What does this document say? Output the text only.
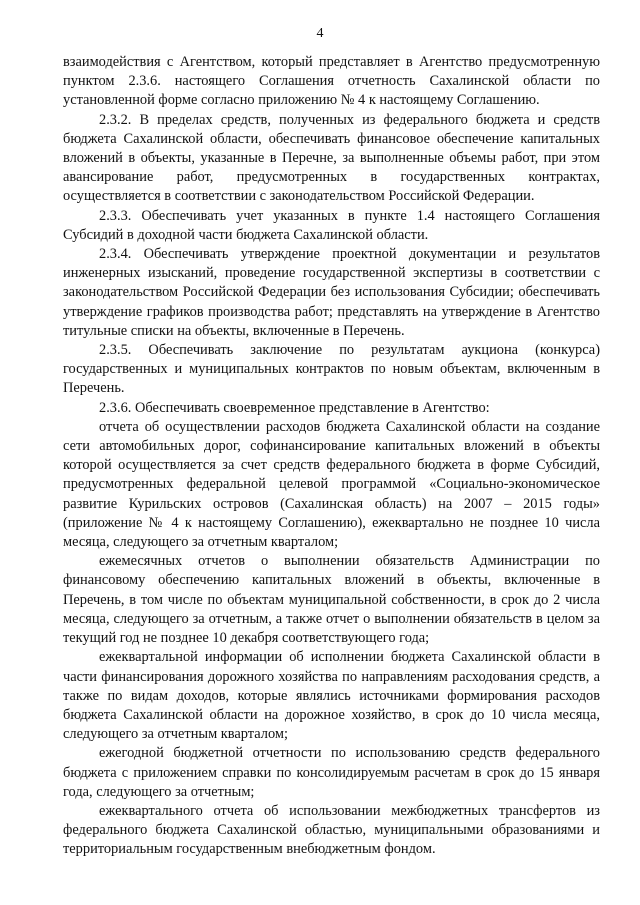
4

взаимодействия с Агентством, который представляет в Агентство предусмотренную пунктом 2.3.6. настоящего Соглашения отчетность Сахалинской области по установленной форме согласно приложению № 4 к настоящему Соглашению.

2.3.2. В пределах средств, полученных из федерального бюджета и средств бюджета Сахалинской области, обеспечивать финансовое обеспечение капитальных вложений в объекты, указанные в Перечне, за выполненные объемы работ, при этом авансирование работ, предусмотренных в государственных контрактах, осуществляется в соответствии с законодательством Российской Федерации.

2.3.3. Обеспечивать учет указанных в пункте 1.4 настоящего Соглашения Субсидий в доходной части бюджета Сахалинской области.

2.3.4. Обеспечивать утверждение проектной документации и результатов инженерных изысканий, проведение государственной экспертизы в соответствии с законодательством Российской Федерации без использования Субсидии; обеспечивать утверждение графиков производства работ; представлять на утверждение в Агентство титульные списки на объекты, включенные в Перечень.

2.3.5. Обеспечивать заключение по результатам аукциона (конкурса) государственных и муниципальных контрактов по новым объектам, включенным в Перечень.

2.3.6. Обеспечивать своевременное представление в Агентство:

отчета об осуществлении расходов бюджета Сахалинской области на создание сети автомобильных дорог, софинансирование капитальных вложений в объекты которой осуществляется за счет средств федерального бюджета в форме Субсидий, предусмотренных федеральной целевой программой «Социально-экономическое развитие Курильских островов (Сахалинская область) на 2007 – 2015 годы» (приложение № 4 к настоящему Соглашению), ежеквартально не позднее 10 числа месяца, следующего за отчетным кварталом;

ежемесячных отчетов о выполнении обязательств Администрации по финансовому обеспечению капитальных вложений в объекты, включенные в Перечень, в том числе по объектам муниципальной собственности, в срок до 2 числа месяца, следующего за отчетным, а также отчет о выполнении обязательств в целом за текущий год не позднее 10 декабря соответствующего года;

ежеквартальной информации об исполнении бюджета Сахалинской области в части финансирования дорожного хозяйства по направлениям расходования средств, а также по видам доходов, которые являлись источниками формирования расходов бюджета Сахалинской области на дорожное хозяйство, в срок до 10 числа месяца, следующего за отчетным кварталом;

ежегодной бюджетной отчетности по использованию средств федерального бюджета с приложением справки по консолидируемым расчетам в срок до 15 января года, следующего за отчетным;

ежеквартального отчета об использовании межбюджетных трансфертов из федерального бюджета Сахалинской областью, муниципальными образованиями и территориальным государственным внебюджетным фондом.
